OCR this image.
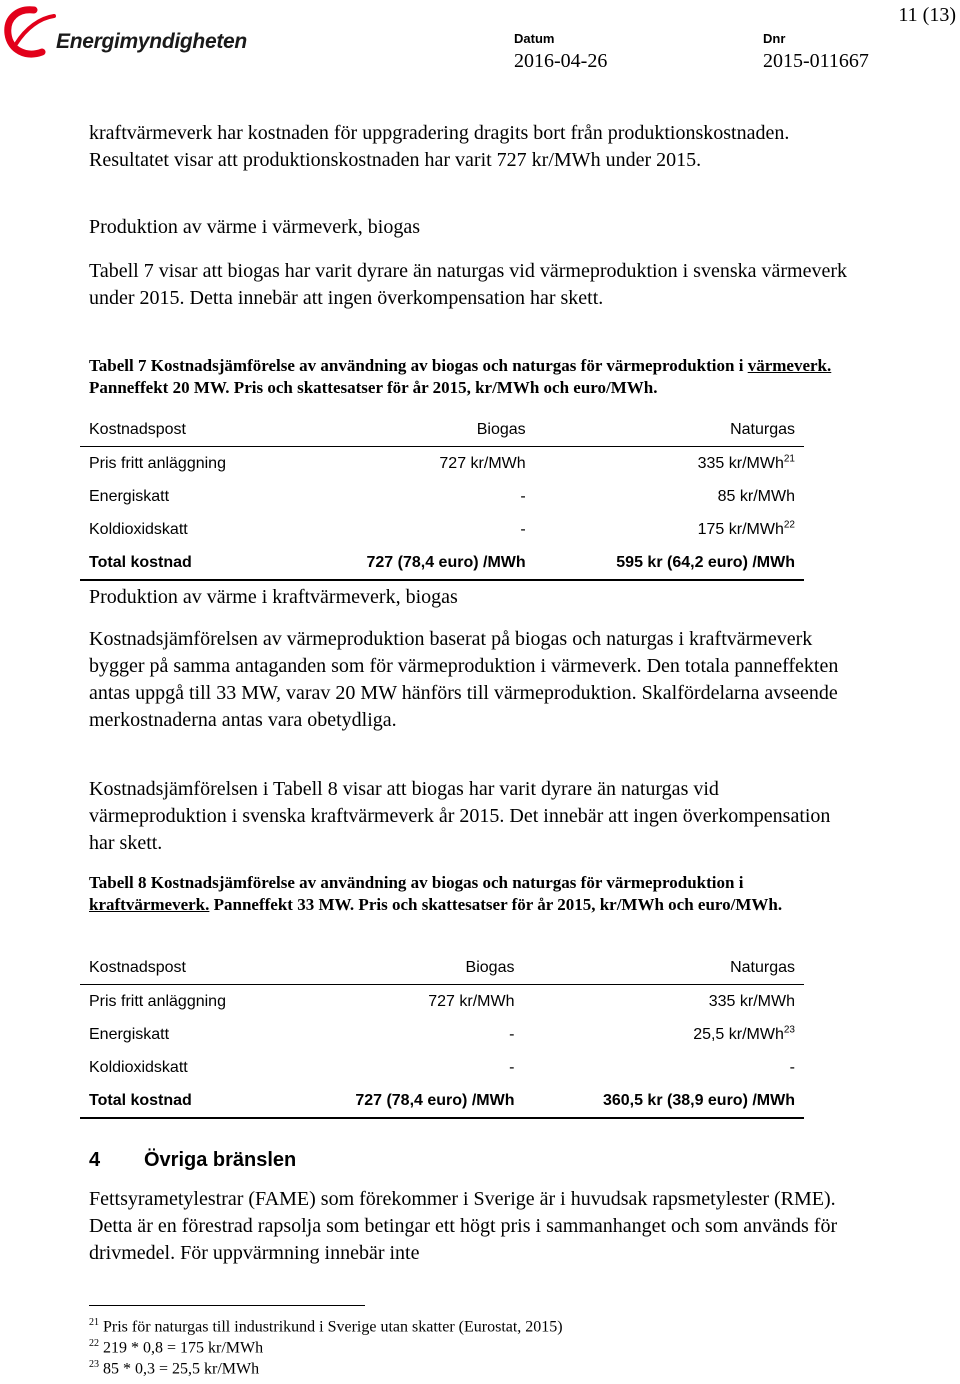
Energimyndigheten
11 (13)
Datum
2016-04-26
Dnr
2015-011667
kraftvärmeverk har kostnaden för uppgradering dragits bort från produktionskostnaden. Resultatet visar att produktionskostnaden har varit 727 kr/MWh under 2015.
Produktion av värme i värmeverk, biogas
Tabell 7 visar att biogas har varit dyrare än naturgas vid värmeproduktion i svenska värmeverk under 2015. Detta innebär att ingen överkompensation har skett.
Tabell 7 Kostnadsjämförelse av användning av biogas och naturgas för värmeproduktion i värmeverk. Panneffekt 20 MW. Pris och skattesatser för år 2015, kr/MWh och euro/MWh.
Kostnadspost	Biogas	Naturgas
Pris fritt anläggning	727 kr/MWh	335 kr/MWh$^{21}$
Energiskatt	-	85 kr/MWh
Koldioxidskatt	-	175 kr/MWh$^{22}$
Total kostnad	727 (78,4 euro) /MWh	595 kr (64,2 euro) /MWh
Produktion av värme i kraftvärmeverk, biogas
Kostnadsjämförelsen av värmeproduktion baserat på biogas och naturgas i kraftvärmeverk bygger på samma antaganden som för värmeproduktion i värmeverk. Den totala panneffekten antas uppgå till 33 MW, varav 20 MW hänförs till värmeproduktion. Skalfördelarna avseende merkostnaderna antas vara obetydliga.
Kostnadsjämförelsen i Tabell 8 visar att biogas har varit dyrare än naturgas vid värmeproduktion i svenska kraftvärmeverk år 2015. Det innebär att ingen överkompensation har skett.
Tabell 8 Kostnadsjämförelse av användning av biogas och naturgas för värmeproduktion i kraftvärmeverk. Panneffekt 33 MW. Pris och skattesatser för år 2015, kr/MWh och euro/MWh.
Kostnadspost	Biogas	Naturgas
Pris fritt anläggning	727 kr/MWh	335 kr/MWh
Energiskatt	-	25,5 kr/MWh$^{23}$
Koldioxidskatt	-	-
Total kostnad	727 (78,4 euro) /MWh	360,5 kr (38,9 euro) /MWh
4 Övriga bränslen
Fettsyrametylestrar (FAME) som förekommer i Sverige är i huvudsak rapsmetylester (RME). Detta är en förestrad rapsolja som betingar ett högt pris i sammanhanget och som används för drivmedel. För uppvärmning innebär inte
$^{21}$ Pris för naturgas till industrikund i Sverige utan skatter (Eurostat, 2015)
$^{22}$ 219 * 0,8 = 175 kr/MWh
$^{23}$ 85 * 0,3 = 25,5 kr/MWh
